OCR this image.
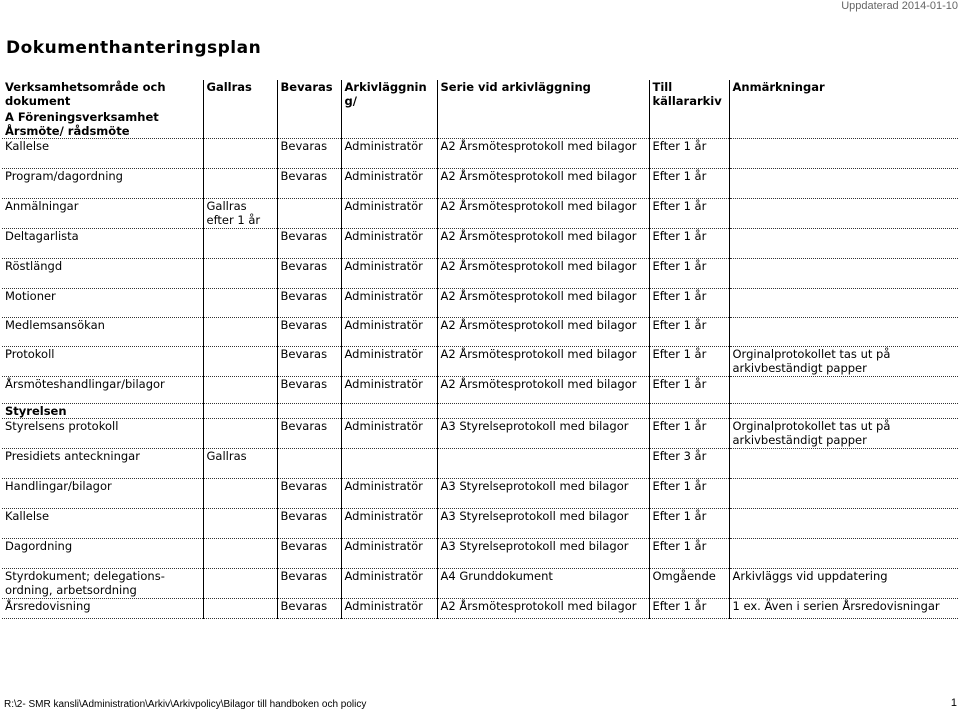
Uppdaterad 2014-01-10
Dokumenthanteringsplan
Verksamhetsområde och dokument	Gallras	Bevaras	Arkivläggning/	Serie vid arkivläggning	Till källararkiv	Anmärkningar
A Föreningsverksamhet						
Årsmöte/ rådsmöte						
Kallelse		Bevaras	Administratör	A2 Årsmötesprotokoll med bilagor	Efter 1 år	
Program/dagordning		Bevaras	Administratör	A2 Årsmötesprotokoll med bilagor	Efter 1 år	
Anmälningar	Gallras efter 1 år		Administratör	A2 Årsmötesprotokoll med bilagor	Efter 1 år	
Deltagarlista		Bevaras	Administratör	A2 Årsmötesprotokoll med bilagor	Efter 1 år	
Röstlängd		Bevaras	Administratör	A2 Årsmötesprotokoll med bilagor	Efter 1 år	
Motioner		Bevaras	Administratör	A2 Årsmötesprotokoll med bilagor	Efter 1 år	
Medlemsansökan		Bevaras	Administratör	A2 Årsmötesprotokoll med bilagor	Efter 1 år	
Protokoll		Bevaras	Administratör	A2 Årsmötesprotokoll med bilagor	Efter 1 år	Orginalprotokollet tas ut på arkivbeständigt papper
Årsmöteshandlingar/bilagor		Bevaras	Administratör	A2 Årsmötesprotokoll med bilagor	Efter 1 år	
Styrelsen						
Styrelsens protokoll		Bevaras	Administratör	A3 Styrelseprotokoll med bilagor	Efter 1 år	Orginalprotokollet tas ut på arkivbeständigt papper
Presidiets anteckningar	Gallras				Efter 3 år	
Handlingar/bilagor		Bevaras	Administratör	A3 Styrelseprotokoll med bilagor	Efter 1 år	
Kallelse		Bevaras	Administratör	A3 Styrelseprotokoll med bilagor	Efter 1 år	
Dagordning		Bevaras	Administratör	A3 Styrelseprotokoll med bilagor	Efter 1 år	
Styrdokument; delegations-ordning, arbetsordning		Bevaras	Administratör	A4 Grunddokument	Omgående	Arkivläggs vid uppdatering
Årsredovisning		Bevaras	Administratör	A2 Årsmötesprotokoll med bilagor	Efter 1 år	1 ex. Även i serien Årsredovisningar
R:\2- SMR kansli\Administration\Arkiv\Arkivpolicy\Bilagor till handboken och policy	1
